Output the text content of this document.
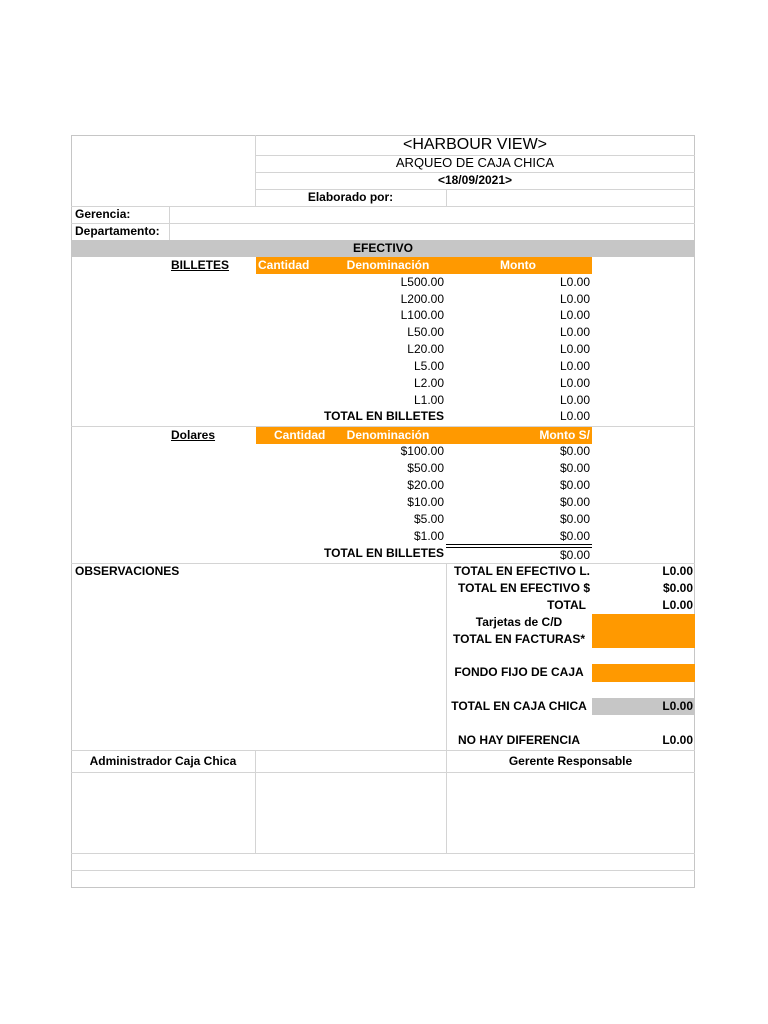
<HARBOUR VIEW>
ARQUEO DE CAJA CHICA
<18/09/2021>
Elaborado por:
Gerencia:
Departamento:
EFECTIVO
BILLETES Cantidad	Denominación	Monto
L500.00	L0.00
L200.00	L0.00
L100.00	L0.00
L50.00	L0.00
L20.00	L0.00
L5.00	L0.00
L2.00	L0.00
L1.00	L0.00
TOTAL EN BILLETES	L0.00
Dolares	Cantidad	Denominación	Monto S/
$100.00	$0.00
$50.00	$0.00
$20.00	$0.00
$10.00	$0.00
$5.00	$0.00
$1.00	$0.00
TOTAL EN BILLETES	$0.00
OBSERVACIONES	TOTAL EN EFECTIVO L.	L0.00
TOTAL EN EFECTIVO $	$0.00
TOTAL	L0.00
Tarjetas de C/D
TOTAL EN FACTURAS*
FONDO FIJO DE CAJA
TOTAL EN CAJA CHICA	L0.00
NO HAY DIFERENCIA	L0.00
Administrador Caja Chica	Gerente Responsable
